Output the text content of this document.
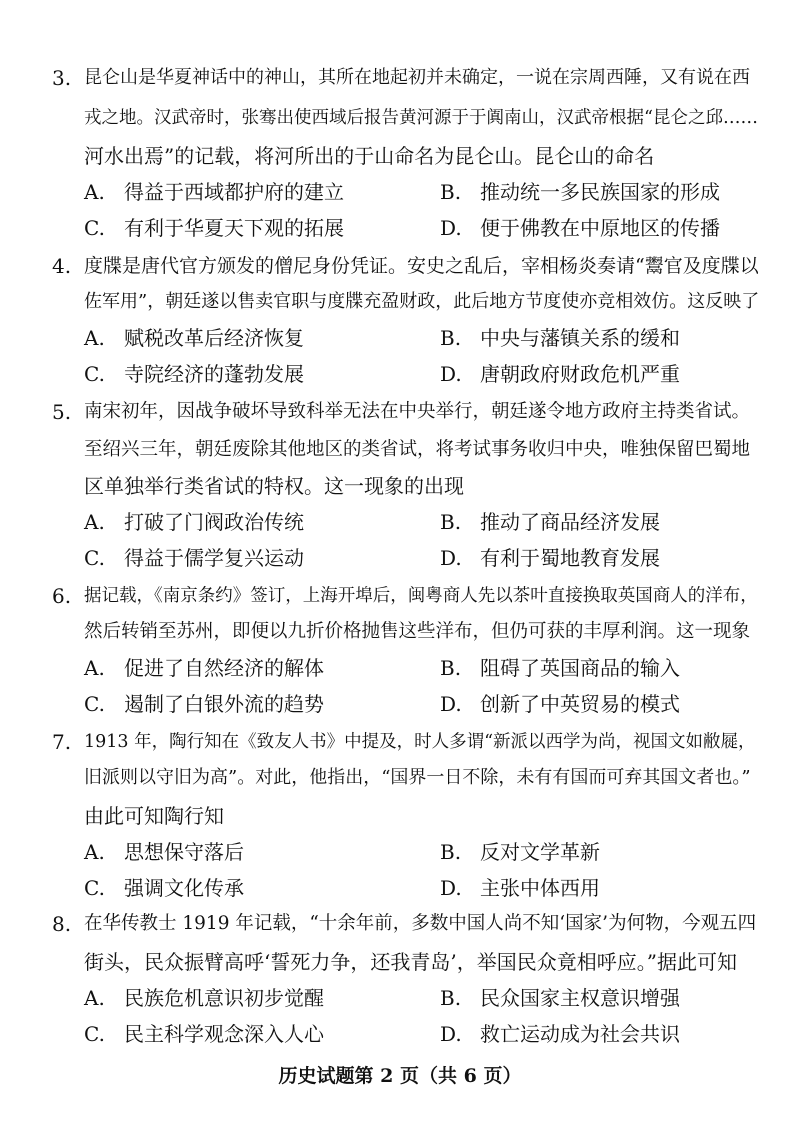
3. 昆仑山是华夏神话中的神山，其所在地起初并未确定，一说在宗周西陲，又有说在西
戎之地。汉武帝时，张骞出使西域后报告黄河源于于阗南山，汉武帝根据“昆仑之邱……
河水出焉”的记载，将河所出的于山命名为昆仑山。昆仑山的命名
A. 得益于西域都护府的建立	B. 推动统一多民族国家的形成
C. 有利于华夏天下观的拓展	D. 便于佛教在中原地区的传播
4. 度牒是唐代官方颁发的僧尼身份凭证。安史之乱后，宰相杨炎奏请“鬻官及度牒以
佐军用”，朝廷遂以售卖官职与度牒充盈财政，此后地方节度使亦竞相效仿。这反映了
A. 赋税改革后经济恢复	B. 中央与藩镇关系的缓和
C. 寺院经济的蓬勃发展	D. 唐朝政府财政危机严重
5. 南宋初年，因战争破坏导致科举无法在中央举行，朝廷遂令地方政府主持类省试。
至绍兴三年，朝廷废除其他地区的类省试，将考试事务收归中央，唯独保留巴蜀地
区单独举行类省试的特权。这一现象的出现
A. 打破了门阀政治传统	B. 推动了商品经济发展
C. 得益于儒学复兴运动	D. 有利于蜀地教育发展
6. 据记载，《南京条约》签订，上海开埠后，闽粤商人先以茶叶直接换取英国商人的洋布，
然后转销至苏州，即便以九折价格抛售这些洋布，但仍可获的丰厚利润。这一现象
A. 促进了自然经济的解体	B. 阻碍了英国商品的输入
C. 遏制了白银外流的趋势	D. 创新了中英贸易的模式
7. 1913 年，陶行知在《致友人书》中提及，时人多谓“新派以西学为尚，视国文如敝屣，
旧派则以守旧为高”。对此，他指出，“国界一日不除，未有有国而可弃其国文者也。”
由此可知陶行知
A. 思想保守落后	B. 反对文学革新
C. 强调文化传承	D. 主张中体西用
8. 在华传教士 1919 年记载，“十余年前，多数中国人尚不知‘国家’为何物，今观五四
街头，民众振臂高呼‘誓死力争，还我青岛’，举国民众竟相呼应。”据此可知
A. 民族危机意识初步觉醒	B. 民众国家主权意识增强
C. 民主科学观念深入人心	D. 救亡运动成为社会共识
历史试题第 2 页（共 6 页）
